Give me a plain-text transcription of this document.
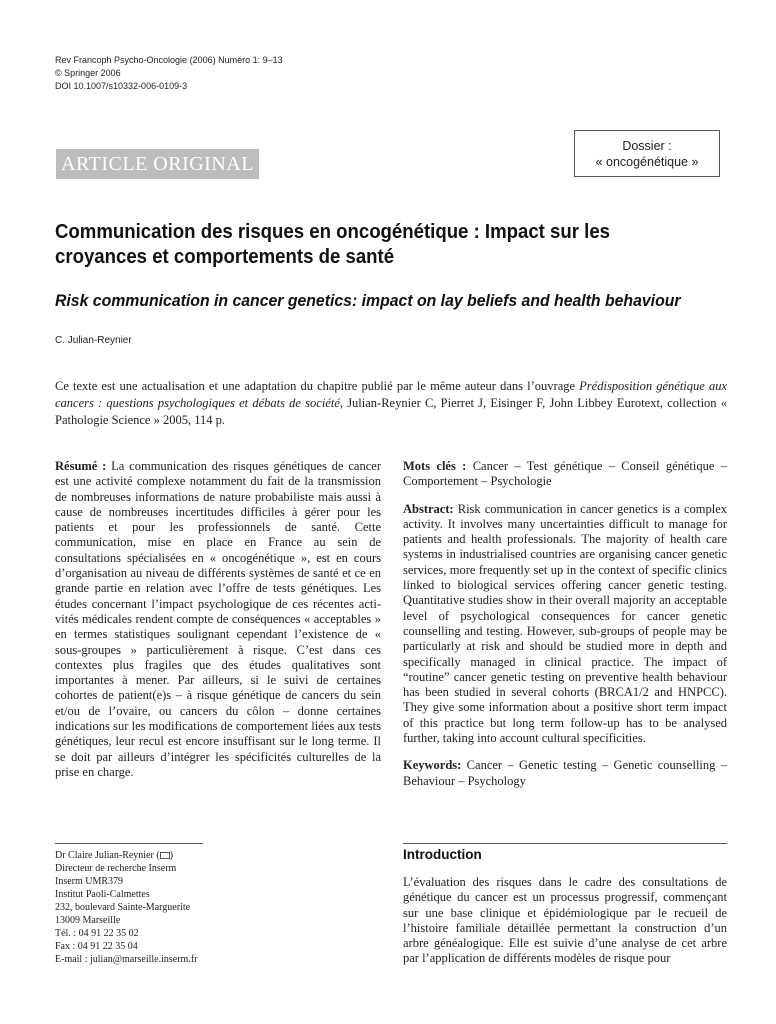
Rev Francoph Psycho-Oncologie (2006) Numéro 1: 9–13
© Springer 2006
DOI 10.1007/s10332-006-0109-3
ARTICLE ORIGINAL
Dossier :
« oncogénétique »
Communication des risques en oncogénétique : Impact sur les croyances et comportements de santé
Risk communication in cancer genetics: impact on lay beliefs and health behaviour
C. Julian-Reynier
Ce texte est une actualisation et une adaptation du chapitre publié par le même auteur dans l’ouvrage Prédisposition génétique aux cancers : questions psychologiques et débats de société, Julian-Reynier C, Pierret J, Eisinger F, John Libbey Eurotext, collection « Pathologie Science » 2005, 114 p.

Résumé : La communication des risques génétiques de cancer est une activité complexe notamment du fait de la transmission de nombreuses informations de nature probabiliste mais aussi à cause de nombreuses incertitudes difficiles à gérer pour les patients et pour les professionnels de santé. Cette communication, mise en place en France au sein de consultations spécialisées en « oncogénétique », est en cours d’organisation au niveau de différents systèmes de santé et ce en grande partie en relation avec l’offre de tests génétiques. Les études concernant l’impact psychologique de ces récentes activités médicales rendent compte de conséquences « acceptables » en termes statistiques soulignant cependant l’existence de « sous-groupes » particulièrement à risque. C’est dans ces contextes plus fragiles que des études qualitatives sont importantes à mener. Par ailleurs, si le suivi de certaines cohortes de patient(e)s – à risque génétique de cancers du sein et/ou de l’ovaire, ou cancers du côlon – donne certaines indications sur les modifications de comportement liées aux tests génétiques, leur recul est encore insuffisant sur le long terme. Il se doit par ailleurs d’intégrer les spécificités culturelles de la prise en charge.

Mots clés : Cancer – Test génétique – Conseil génétique – Comportement – Psychologie

Abstract: Risk communication in cancer genetics is a complex activity. It involves many uncertainties difficult to manage for patients and health professionals. The majority of health care systems in industrialised countries are organising cancer genetic services, more frequently set up in the context of specific clinics linked to biological services offering cancer genetic testing. Quantitative studies show in their overall majority an acceptable level of psychological consequences for cancer genetic counselling and testing. However, sub-groups of people may be particularly at risk and should be studied more in depth and specifically managed in clinical practice. The impact of “routine” cancer genetic testing on preventive health behaviour has been studied in several cohorts (BRCA1/2 and HNPCC). They give some information about a positive short term impact of this practice but long term follow-up has to be analysed further, taking into account cultural specificities.

Keywords: Cancer – Genetic testing – Genetic counselling – Behaviour – Psychology

Dr Claire Julian-Reynier ( )
Directeur de recherche Inserm
Inserm UMR379
Institut Paoli-Calmettes
232, boulevard Sainte-Marguerite
13009 Marseille
Tél. : 04 91 22 35 02
Fax : 04 91 22 35 04
E-mail : julian@marseille.inserm.fr
Introduction
L’évaluation des risques dans le cadre des consultations de génétique du cancer est un processus progressif, commençant sur une base clinique et épidémiologique par le recueil de l’histoire familiale détaillée permettant la construction d’un arbre généalogique. Elle est suivie d’une analyse de cet arbre par l’application de différents modèles de risque pour
